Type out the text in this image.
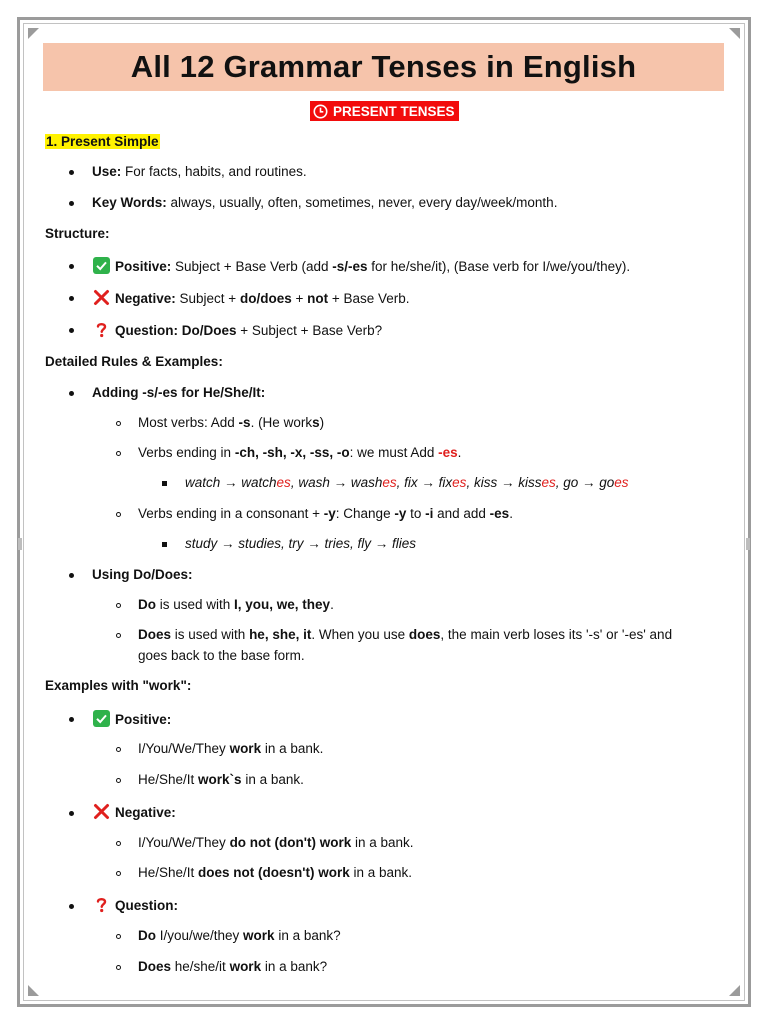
All 12 Grammar Tenses in English
PRESENT TENSES
1. Present Simple
Use: For facts, habits, and routines.
Key Words: always, usually, often, sometimes, never, every day/week/month.
Structure:
Positive: Subject + Base Verb (add -s/-es for he/she/it), (Base verb for I/we/you/they).
Negative: Subject + do/does + not + Base Verb.
Question: Do/Does + Subject + Base Verb?
Detailed Rules & Examples:
Adding -s/-es for He/She/It:
Most verbs: Add -s. (He works)
Verbs ending in -ch, -sh, -x, -ss, -o: we must Add -es.
watch → watches, wash → washes, fix → fixes, kiss → kisses, go → goes
Verbs ending in a consonant + -y: Change -y to -i and add -es.
study → studies, try → tries, fly → flies
Using Do/Does:
Do is used with I, you, we, they.
Does is used with he, she, it. When you use does, the main verb loses its '-s' or '-es' and
goes back to the base form.
Examples with "work":
Positive:
I/You/We/They work in a bank.
He/She/It work`s in a bank.
Negative:
I/You/We/They do not (don't) work in a bank.
He/She/It does not (doesn't) work in a bank.
Question:
Do I/you/we/they work in a bank?
Does he/she/it work in a bank?
